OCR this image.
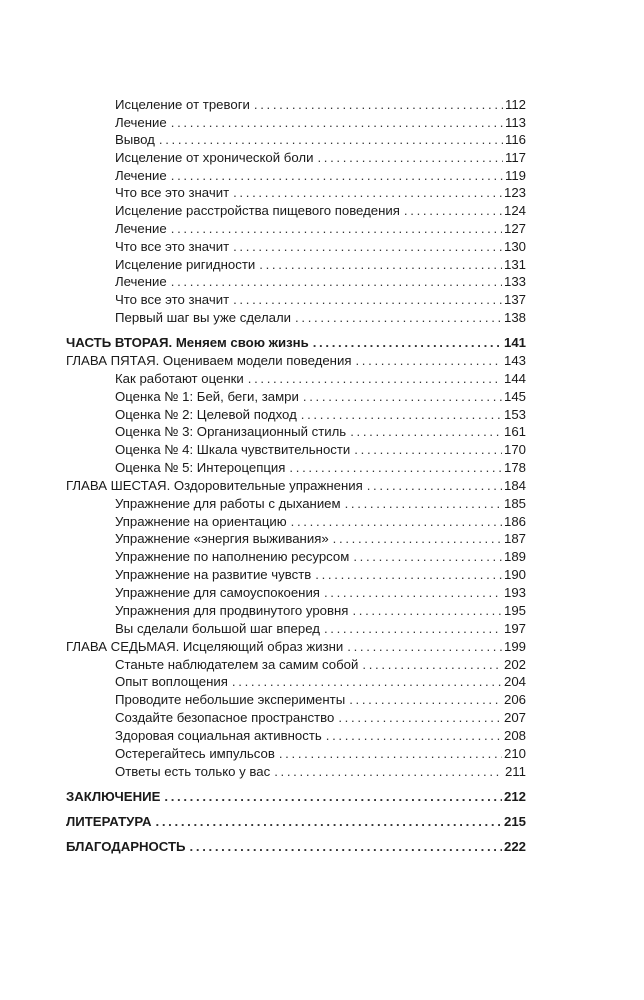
Исцеление от тревоги . . .	112
Лечение . . .	113
Вывод . . .	116
Исцеление от хронической боли . . .	117
Лечение . . .	119
Что все это значит . . .	123
Исцеление расстройства пищевого поведения . . .	124
Лечение . . .	127
Что все это значит . . .	130
Исцеление ригидности . . .	131
Лечение . . .	133
Что все это значит . . .	137
Первый шаг вы уже сделали . . .	138
ЧАСТЬ ВТОРАЯ. Меняем свою жизнь . . .	141
ГЛАВА ПЯТАЯ. Оцениваем модели поведения . . .	143
Как работают оценки . . .	144
Оценка № 1: Бей, беги, замри . . .	145
Оценка № 2: Целевой подход . . .	153
Оценка № 3: Организационный стиль . . .	161
Оценка № 4: Шкала чувствительности . . .	170
Оценка № 5: Интероцепция . . .	178
ГЛАВА ШЕСТАЯ. Оздоровительные упражнения . . .	184
Упражнение для работы с дыханием . . .	185
Упражнение на ориентацию . . .	186
Упражнение «энергия выживания» . . .	187
Упражнение по наполнению ресурсом . . .	189
Упражнение на развитие чувств . . .	190
Упражнение для самоуспокоения . . .	193
Упражнения для продвинутого уровня . . .	195
Вы сделали большой шаг вперед . . .	197
ГЛАВА СЕДЬМАЯ. Исцеляющий образ жизни . . .	199
Станьте наблюдателем за самим собой . . .	202
Опыт воплощения . . .	204
Проводите небольшие эксперименты . . .	206
Создайте безопасное пространство . . .	207
Здоровая социальная активность . . .	208
Остерегайтесь импульсов . . .	210
Ответы есть только у вас . . .	211
ЗАКЛЮЧЕНИЕ . . .	212
ЛИТЕРАТУРА . . .	215
БЛАГОДАРНОСТЬ . . .	222
